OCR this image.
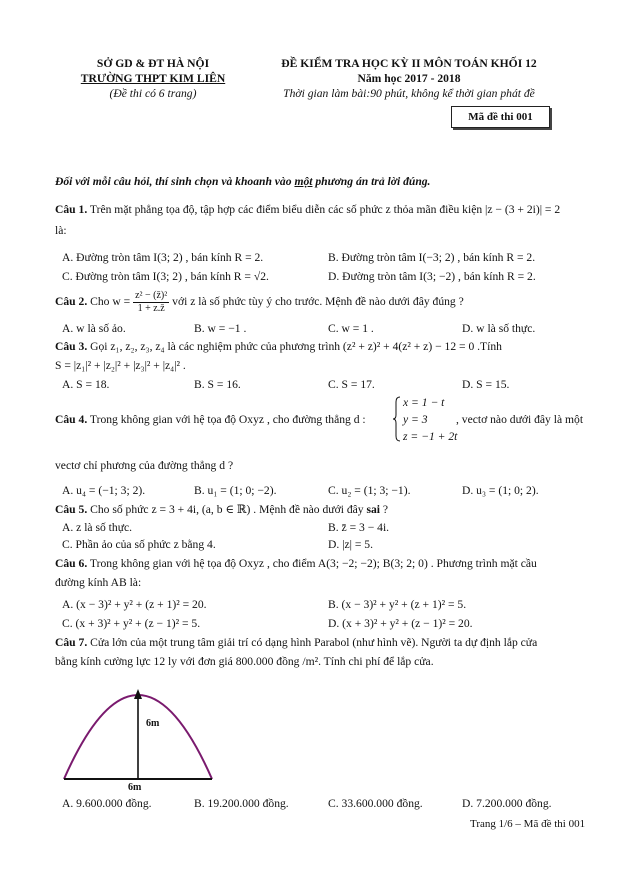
SỞ GD & ĐT HÀ NỘI
TRƯỜNG THPT KIM LIÊN
(Đề thi có 6 trang)
ĐỀ KIỂM TRA HỌC KỲ II MÔN TOÁN KHỐI 12
Năm học 2017 - 2018
Thời gian làm bài:90 phút, không kể thời gian phát đề
Mã đề thi 001
Đối với mỗi câu hỏi, thí sinh chọn và khoanh vào một phương án trả lời đúng.
Câu 1. Trên mặt phẳng tọa độ, tập hợp các điểm biểu diễn các số phức z thỏa mãn điều kiện |z − (3 + 2i)| = 2
là:
A. Đường tròn tâm I(3; 2) , bán kính R = 2.	B. Đường tròn tâm I(−3; 2) , bán kính R = 2.
C. Đường tròn tâm I(3; 2) , bán kính R = √2.	D. Đường tròn tâm I(3; −2) , bán kính R = 2.
Câu 2. Cho $w = \frac{\text{z² − (z̄)²}}{1 + z.z̄}$ với z là số phức tùy ý cho trước. Mệnh đề nào dưới đây đúng ?
A. w là số ảo.	B. w = −1 .	C. w = 1 .	D. w là số thực.
Câu 3. Gọi z₁, z₂, z₃, z₄ là các nghiệm phức của phương trình (z² + z)² + 4(z² + z) − 12 = 0 .Tính
S = |z₁|² + |z₂|² + |z₃|² + |z₄|² .
A. S = 18.	B. S = 16.	C. S = 17.	D. S = 15.
Câu 4. Trong không gian với hệ tọa độ Oxyz , cho đường thẳng d :
x = 1 − t
y = 3
z = −1 + 2t
, vectơ nào dưới đây là một
vectơ chỉ phương của đường thẳng d ?
A. u₄ = (−1; 3; 2).	B. u₁ = (1; 0; −2).	C. u₂ = (1; 3; −1).	D. u₃ = (1; 0; 2).
Câu 5. Cho số phức z = 3 + 4i, (a, b ∈ ℝ) . Mệnh đề nào dưới đây sai ?
A. z là số thực.	B. z̄ = 3 − 4i.
C. Phần ảo của số phức z bằng 4.	D. |z| = 5.
Câu 6. Trong không gian với hệ tọa độ Oxyz , cho điểm A(3; −2; −2); B(3; 2; 0) . Phương trình mặt cầu
đường kính AB là:
A. (x − 3)² + y² + (z + 1)² = 20.	B. (x − 3)² + y² + (z + 1)² = 5.
C. (x + 3)² + y² + (z − 1)² = 5.	D. (x + 3)² + y² + (z − 1)² = 20.
Câu 7. Cửa lớn của một trung tâm giải trí có dạng hình Parabol (như hình vẽ). Người ta dự định lắp cửa
bằng kính cường lực 12 ly với đơn giá 800.000 đồng /m². Tính chi phí để lắp cửa.
6m
6m
A. 9.600.000 đồng.	B. 19.200.000 đồng.	C. 33.600.000 đồng.	D. 7.200.000 đồng.
Trang 1/6 – Mã đề thi 001
